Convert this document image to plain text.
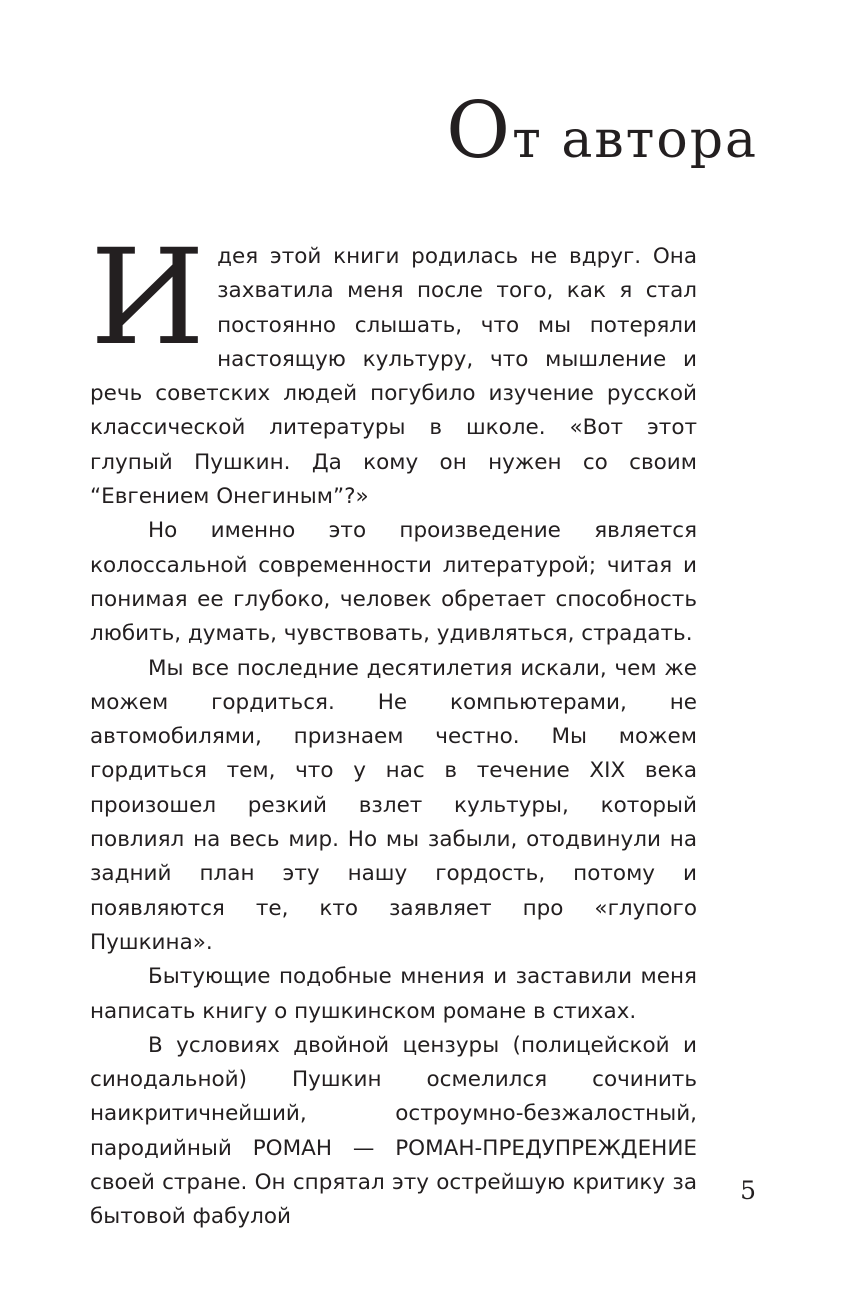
От автора

Идея этой книги родилась не вдруг. Она захватила меня после того, как я стал постоянно слышать, что мы потеряли настоящую культуру, что мышление и речь советских людей погубило изучение русской классической литературы в школе. «Вот этот глупый Пушкин. Да кому он нужен со своим “Евгением Онегиным”?»

Но именно это произведение является колоссальной современности литературой; читая и понимая ее глубоко, человек обретает способность любить, думать, чувствовать, удивляться, страдать.

Мы все последние десятилетия искали, чем же можем гордиться. Не компьютерами, не автомобилями, признаем честно. Мы можем гордиться тем, что у нас в течение XIX века произошел резкий взлет культуры, который повлиял на весь мир. Но мы забыли, отодвинули на задний план эту нашу гордость, потому и появляются те, кто заявляет про «глупого Пушкина».

Бытующие подобные мнения и заставили меня написать книгу о пушкинском романе в стихах.

В условиях двойной цензуры (полицейской и синодальной) Пушкин осмелился сочинить наикритичнейший, остроумно-безжалостный, пародийный РОМАН — РОМАН-ПРЕДУПРЕЖДЕНИЕ своей стране. Он спрятал эту острейшую критику за бытовой фабулой

5
